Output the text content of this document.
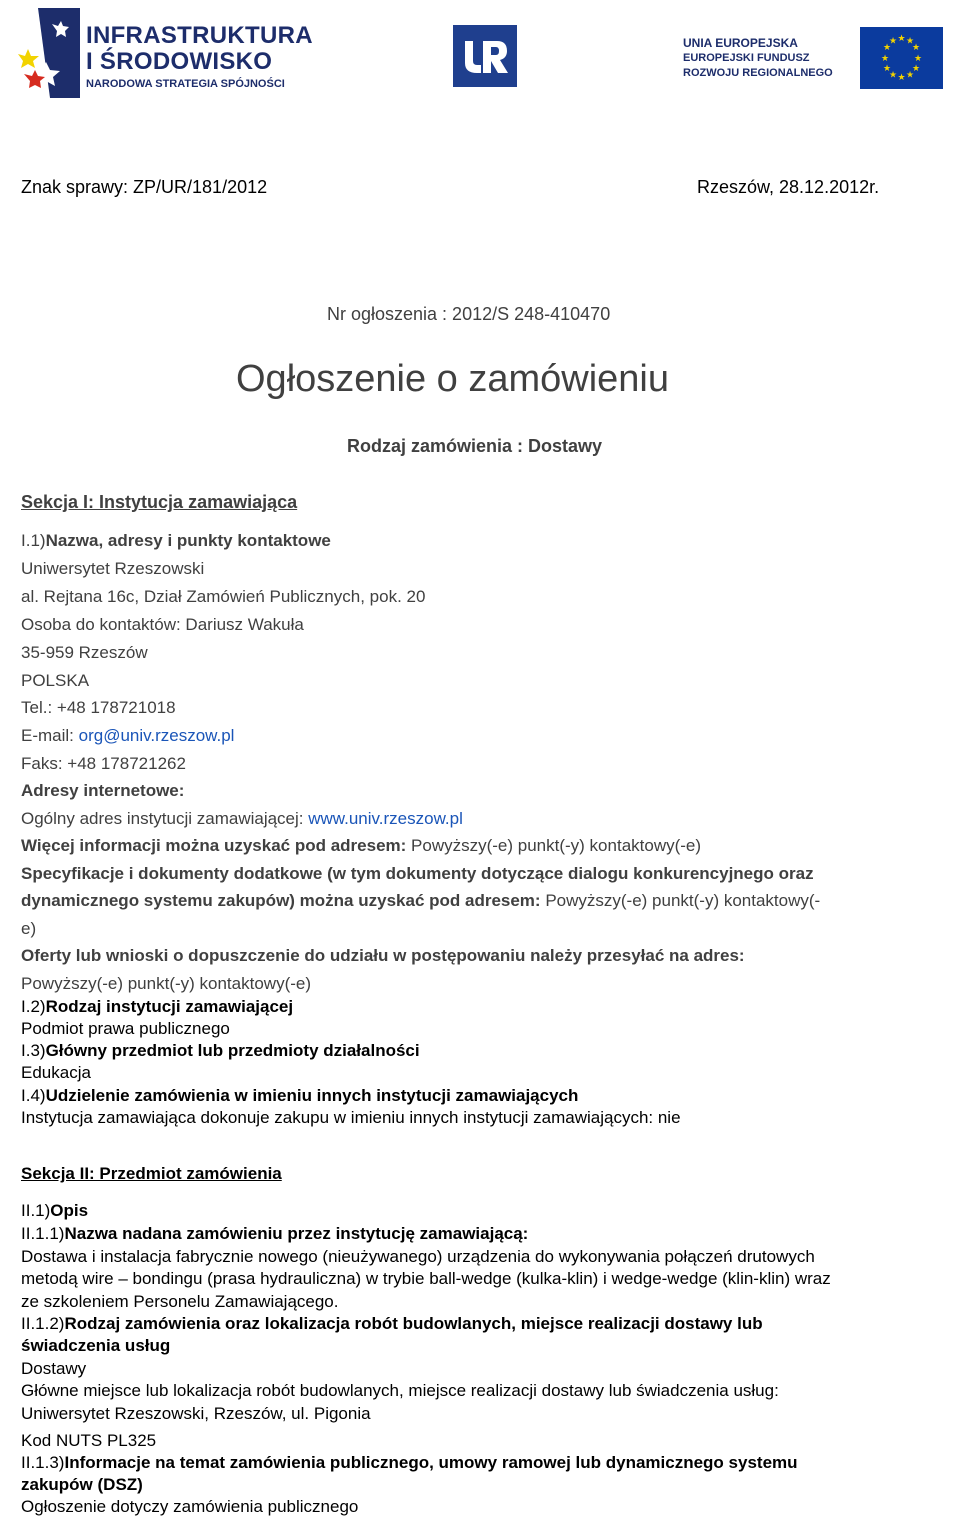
INFRASTRUKTURA
I ŚRODOWISKO
NARODOWA STRATEGIA SPÓJNOŚCI
UNIA EUROPEJSKA
EUROPEJSKI FUNDUSZ
ROZWOJU REGIONALNEGO
★ ★
★
★
★
★
★
★
★
★
★
★
Znak sprawy: ZP/UR/181/2012	Rzeszów, 28.12.2012r.
Nr ogłoszenia : 2012/S 248-410470
Ogłoszenie o zamówieniu
Rodzaj zamówienia : Dostawy
Sekcja I: Instytucja zamawiająca
I.1)Nazwa, adresy i punkty kontaktowe
Uniwersytet Rzeszowski
al. Rejtana 16c, Dział Zamówień Publicznych, pok. 20
Osoba do kontaktów: Dariusz Wakuła
35-959 Rzeszów
POLSKA
Tel.: +48 178721018
E-mail: org@univ.rzeszow.pl
Faks: +48 178721262
Adresy internetowe:
Ogólny adres instytucji zamawiającej: www.univ.rzeszow.pl
Więcej informacji można uzyskać pod adresem: Powyższy(-e) punkt(-y) kontaktowy(-e)
Specyfikacje i dokumenty dodatkowe (w tym dokumenty dotyczące dialogu konkurencyjnego oraz
dynamicznego systemu zakupów) można uzyskać pod adresem: Powyższy(-e) punkt(-y) kontaktowy(-
e)
Oferty lub wnioski o dopuszczenie do udziału w postępowaniu należy przesyłać na adres:
Powyższy(-e) punkt(-y) kontaktowy(-e)
I.2)Rodzaj instytucji zamawiającej
Podmiot prawa publicznego
I.3)Główny przedmiot lub przedmioty działalności
Edukacja
I.4)Udzielenie zamówienia w imieniu innych instytucji zamawiających
Instytucja zamawiająca dokonuje zakupu w imieniu innych instytucji zamawiających: nie
Sekcja II: Przedmiot zamówienia
II.1)Opis
II.1.1)Nazwa nadana zamówieniu przez instytucję zamawiającą:
Dostawa i instalacja fabrycznie nowego (nieużywanego) urządzenia do wykonywania połączeń drutowych
metodą wire – bondingu (prasa hydrauliczna) w trybie ball-wedge (kulka-klin) i wedge-wedge (klin-klin) wraz
ze szkoleniem Personelu Zamawiającego.
II.1.2)Rodzaj zamówienia oraz lokalizacja robót budowlanych, miejsce realizacji dostawy lub
świadczenia usług
Dostawy
Główne miejsce lub lokalizacja robót budowlanych, miejsce realizacji dostawy lub świadczenia usług:
Uniwersytet Rzeszowski, Rzeszów, ul. Pigonia
Kod NUTS PL325
II.1.3)Informacje na temat zamówienia publicznego, umowy ramowej lub dynamicznego systemu
zakupów (DSZ)
Ogłoszenie dotyczy zamówienia publicznego
